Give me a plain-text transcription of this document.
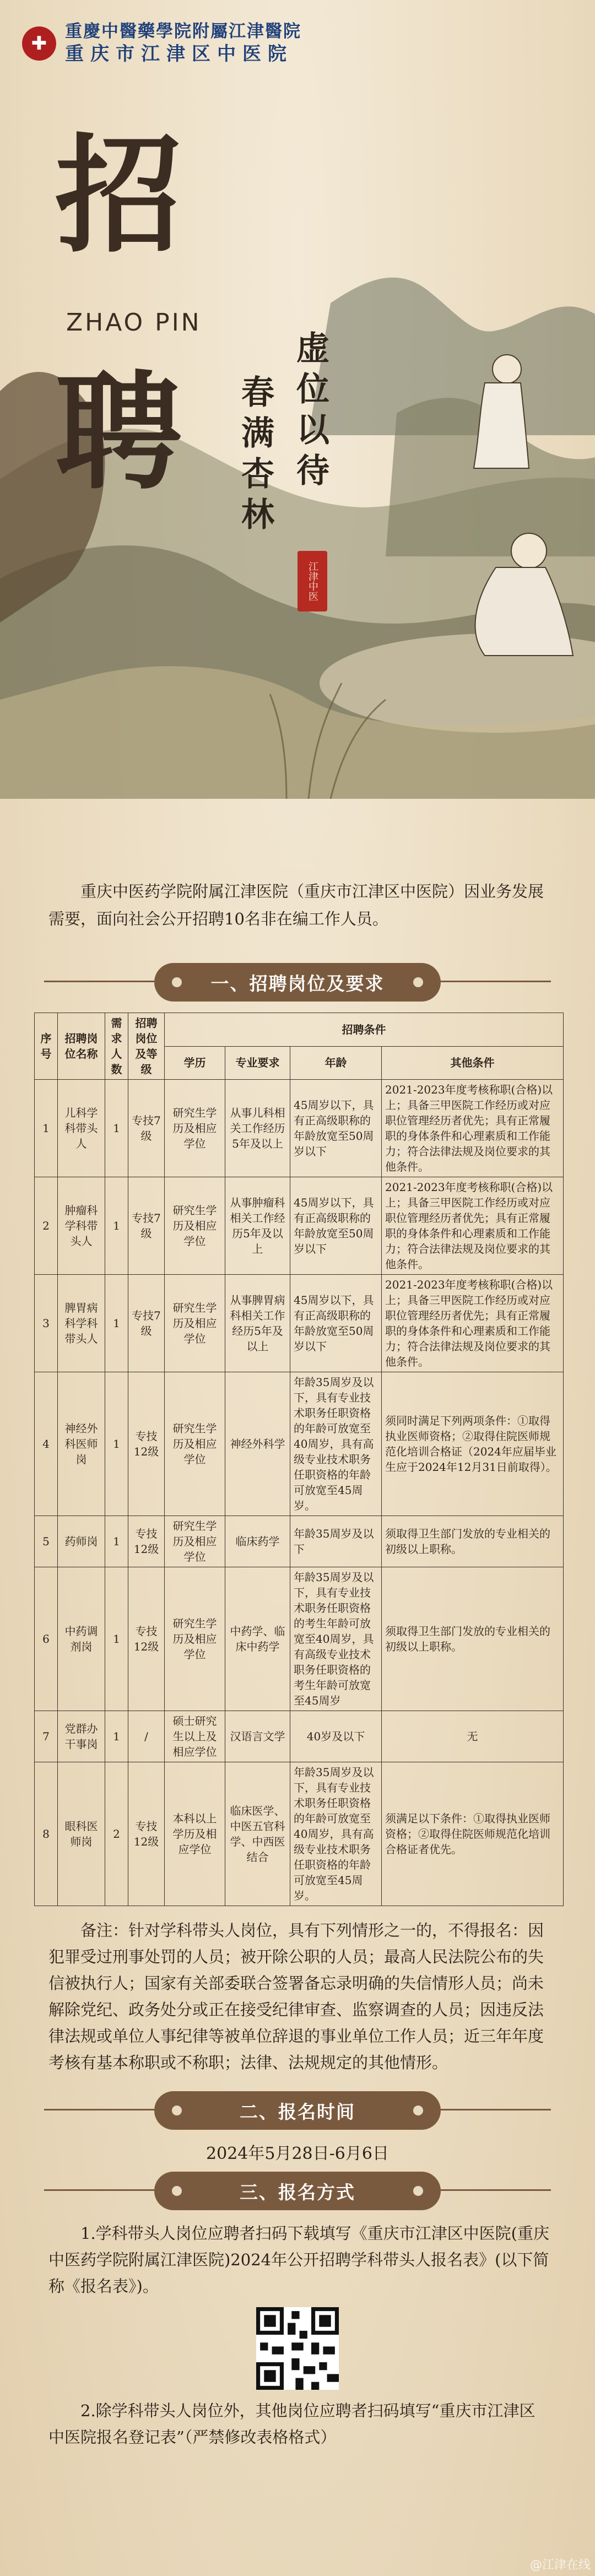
✚
重慶中醫藥學院附屬江津醫院
重庆市江津区中医院
招
ZHAO PIN
聘	虚位以待
春满杏林
江津中医
重庆中医药学院附属江津医院（重庆市江津区中医院）因业务发展需要，面向社会公开招聘10名非在编工作人员。
一、招聘岗位及要求
序号	招聘岗位名称	需求人数	招聘岗位及等级	招聘条件			
				学历	专业要求	年龄	其他条件
1	儿科学科带头人	1	专技7级	研究生学历及相应学位	从事儿科相关工作经历5年及以上	45周岁以下，具有正高级职称的年龄放宽至50周岁以下	2021-2023年度考核称职(合格)以上；具备三甲医院工作经历或对应职位管理经历者优先；具有正常履职的身体条件和心理素质和工作能力；符合法律法规及岗位要求的其他条件。
2	肿瘤科学科带头人	1	专技7级	研究生学历及相应学位	从事肿瘤科相关工作经历5年及以上	45周岁以下，具有正高级职称的年龄放宽至50周岁以下	2021-2023年度考核称职(合格)以上；具备三甲医院工作经历或对应职位管理经历者优先；具有正常履职的身体条件和心理素质和工作能力；符合法律法规及岗位要求的其他条件。
3	脾胃病科学科带头人	1	专技7级	研究生学历及相应学位	从事脾胃病科相关工作经历5年及以上	45周岁以下，具有正高级职称的年龄放宽至50周岁以下	2021-2023年度考核称职(合格)以上；具备三甲医院工作经历或对应职位管理经历者优先；具有正常履职的身体条件和心理素质和工作能力；符合法律法规及岗位要求的其他条件。
4	神经外科医师岗	1	专技12级	研究生学历及相应学位	神经外科学	年龄35周岁及以下，具有专业技术职务任职资格的年龄可放宽至40周岁，具有高级专业技术职务任职资格的年龄可放宽至45周岁。	须同时满足下列两项条件：①取得执业医师资格；②取得住院医师规范化培训合格证（2024年应届毕业生应于2024年12月31日前取得）。
5	药师岗	1	专技12级	研究生学历及相应学位	临床药学	年龄35周岁及以下	须取得卫生部门发放的专业相关的初级以上职称。
6	中药调剂岗	1	专技12级	研究生学历及相应学位	中药学、临床中药学	年龄35周岁及以下，具有专业技术职务任职资格的考生年龄可放宽至40周岁，具有高级专业技术职务任职资格的考生年龄可放宽至45周岁	须取得卫生部门发放的专业相关的初级以上职称。
7	党群办干事岗	1	/	硕士研究生以上及相应学位	汉语言文学	40岁及以下	无
8	眼科医师岗	2	专技12级	本科以上学历及相应学位	临床医学、中医五官科学、中西医结合	年龄35周岁及以下，具有专业技术职务任职资格的年龄可放宽至40周岁，具有高级专业技术职务任职资格的年龄可放宽至45周岁。	须满足以下条件：①取得执业医师资格；②取得住院医师规范化培训合格证者优先。
备注：针对学科带头人岗位，具有下列情形之一的，不得报名：因犯罪受过刑事处罚的人员；被开除公职的人员；最高人民法院公布的失信被执行人；国家有关部委联合签署备忘录明确的失信情形人员；尚未解除党纪、政务处分或正在接受纪律审查、监察调查的人员；因违反法律法规或单位人事纪律等被单位辞退的事业单位工作人员；近三年年度考核有基本称职或不称职；法律、法规规定的其他情形。
二、报名时间
2024年5月28日-6月6日
三、报名方式
1.学科带头人岗位应聘者扫码下载填写《重庆市江津区中医院(重庆中医药学院附属江津医院)2024年公开招聘学科带头人报名表》(以下简称《报名表》)。
2.除学科带头人岗位外，其他岗位应聘者扫码填写“重庆市江津区中医院报名登记表”（严禁修改表格格式）
@江津在线
